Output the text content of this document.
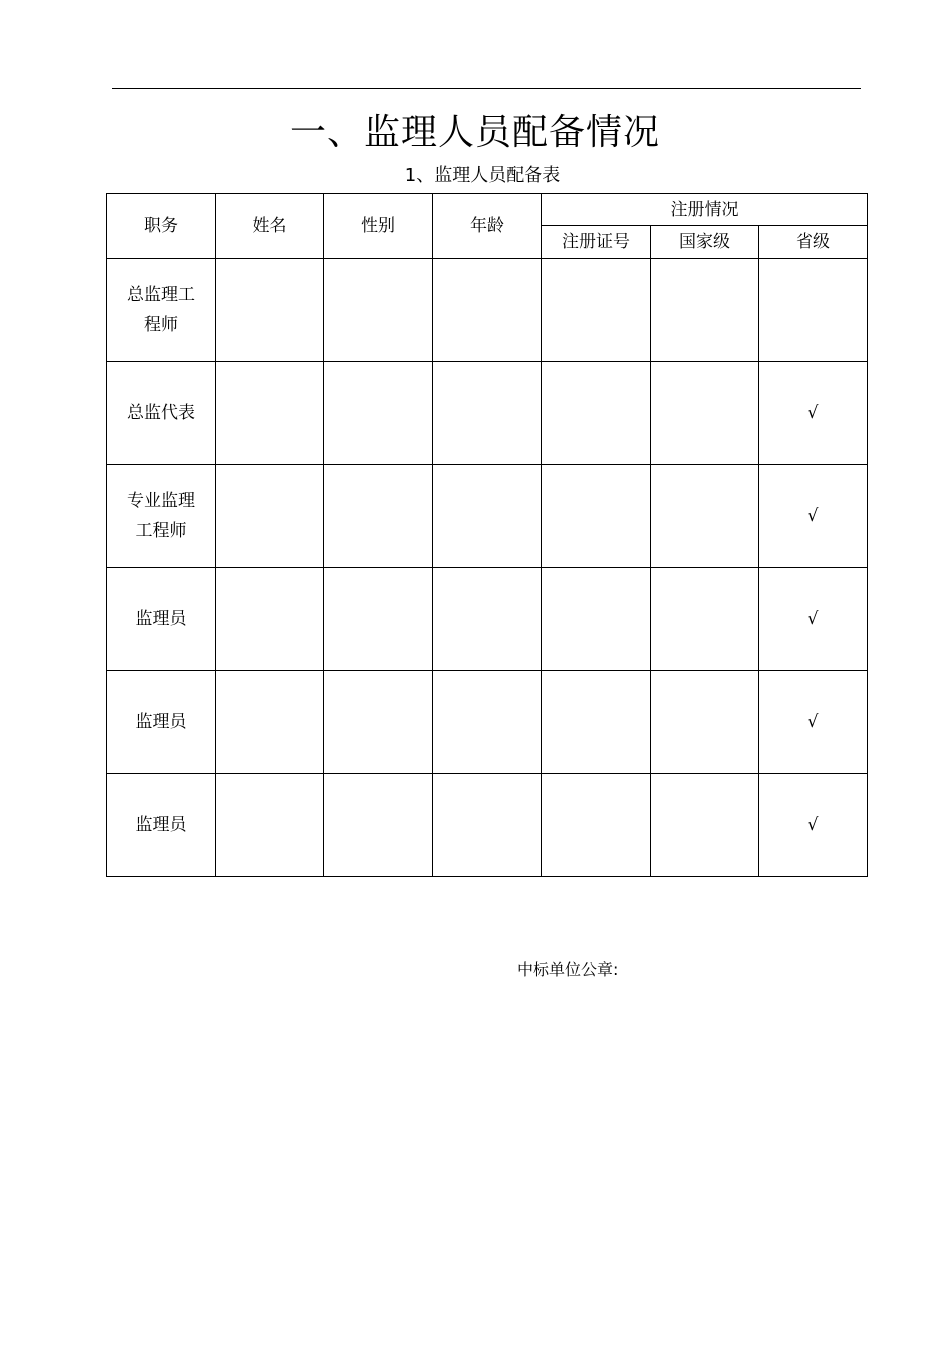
一、监理人员配备情况
1、监理人员配备表
职务	姓名	性别	年龄	注册情况		
				注册证号	国家级	省级

总监理工
程师						

总监代表						√

专业监理
工程师						√

监理员						√

监理员						√

监理员						√
中标单位公章:
